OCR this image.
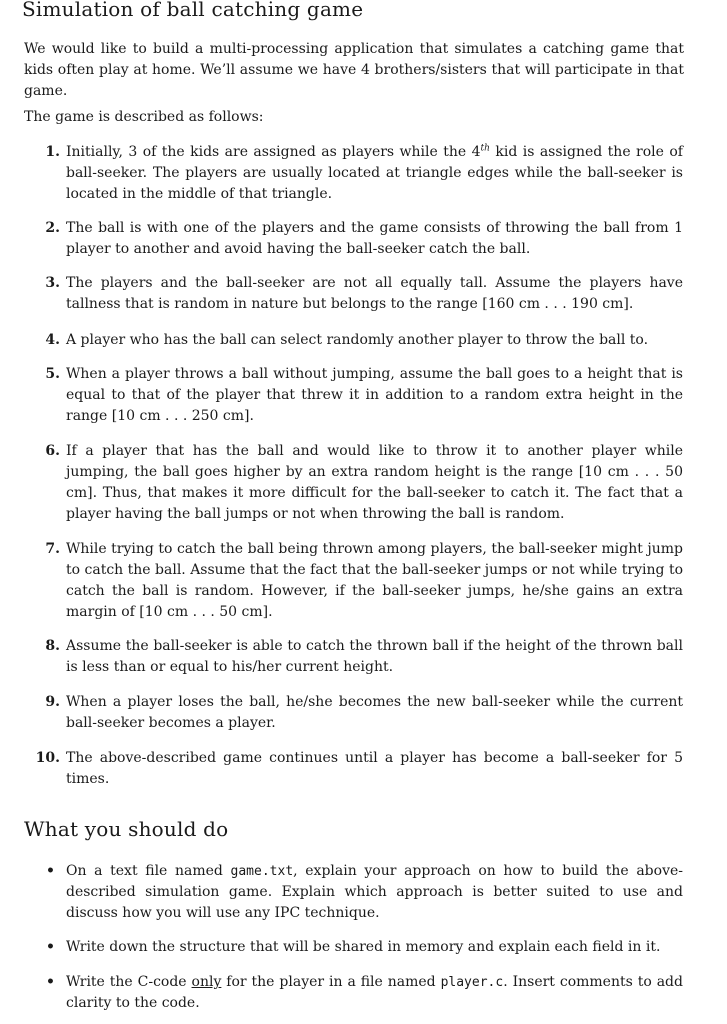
Simulation of ball catching game

We would like to build a multi-processing application that simulates a catching game that kids often play at home. We’ll assume we have 4 brothers/sisters that will participate in that game.

The game is described as follows:

1. Initially, 3 of the kids are assigned as players while the 4th kid is assigned the role of ball-seeker. The players are usually located at triangle edges while the ball-seeker is located in the middle of that triangle.
2. The ball is with one of the players and the game consists of throwing the ball from 1 player to another and avoid having the ball-seeker catch the ball.
3. The players and the ball-seeker are not all equally tall. Assume the players have tallness that is random in nature but belongs to the range [160 cm . . . 190 cm].
4. A player who has the ball can select randomly another player to throw the ball to.
5. When a player throws a ball without jumping, assume the ball goes to a height that is equal to that of the player that threw it in addition to a random extra height in the range [10 cm . . . 250 cm].
6. If a player that has the ball and would like to throw it to another player while jumping, the ball goes higher by an extra random height is the range [10 cm . . . 50 cm]. Thus, that makes it more difficult for the ball-seeker to catch it. The fact that a player having the ball jumps or not when throwing the ball is random.
7. While trying to catch the ball being thrown among players, the ball-seeker might jump to catch the ball. Assume that the fact that the ball-seeker jumps or not while trying to catch the ball is random. However, if the ball-seeker jumps, he/she gains an extra margin of [10 cm . . . 50 cm].
8. Assume the ball-seeker is able to catch the thrown ball if the height of the thrown ball is less than or equal to his/her current height.
9. When a player loses the ball, he/she becomes the new ball-seeker while the current ball-seeker becomes a player.
10. The above-described game continues until a player has become a ball-seeker for 5 times.
What you should do
• On a text file named game.txt, explain your approach on how to build the above-described simulation game. Explain which approach is better suited to use and discuss how you will use any IPC technique.
• Write down the structure that will be shared in memory and explain each field in it.
• Write the C-code only for the player in a file named player.c. Insert comments to add clarity to the code.
